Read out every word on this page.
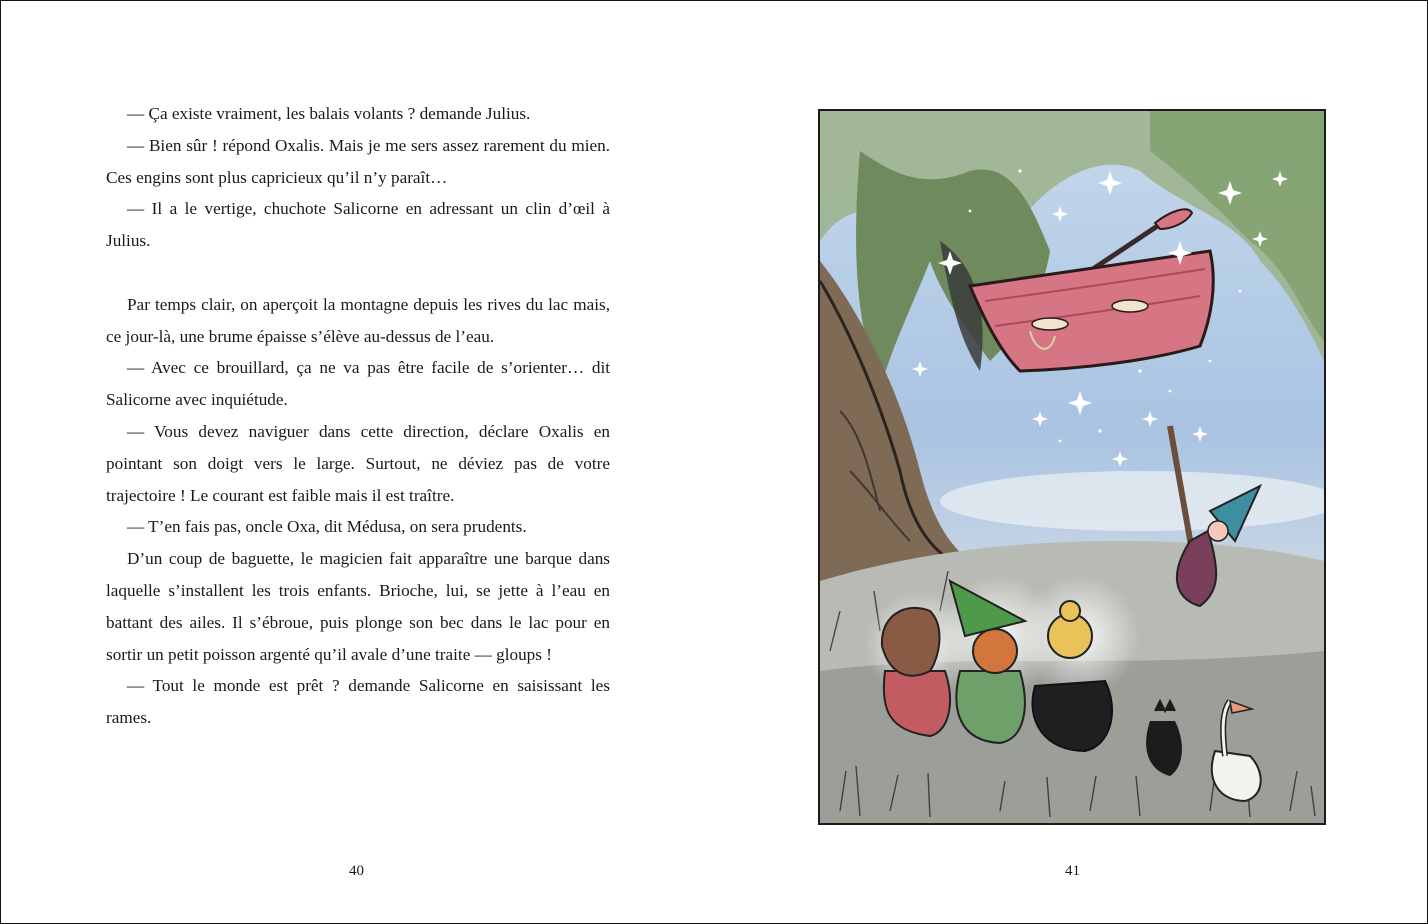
— Ça existe vraiment, les balais volants ? demande Julius.

— Bien sûr ! répond Oxalis. Mais je me sers assez rarement du mien. Ces engins sont plus capricieux qu’il n’y paraît…

— Il a le vertige, chuchote Salicorne en adressant un clin d’œil à Julius.

Par temps clair, on aperçoit la montagne depuis les rives du lac mais, ce jour-là, une brume épaisse s’élève au-dessus de l’eau.

— Avec ce brouillard, ça ne va pas être facile de s’orienter… dit Salicorne avec inquiétude.

— Vous devez naviguer dans cette direction, déclare Oxalis en pointant son doigt vers le large. Surtout, ne déviez pas de votre trajectoire ! Le courant est faible mais il est traître.

— T’en fais pas, oncle Oxa, dit Médusa, on sera prudents.

D’un coup de baguette, le magicien fait apparaître une barque dans laquelle s’installent les trois enfants. Brioche, lui, se jette à l’eau en battant des ailes. Il s’ébroue, puis plonge son bec dans le lac pour en sortir un petit poisson argenté qu’il avale d’une traite — gloups !

— Tout le monde est prêt ? demande Salicorne en saisissant les rames.

40	41
